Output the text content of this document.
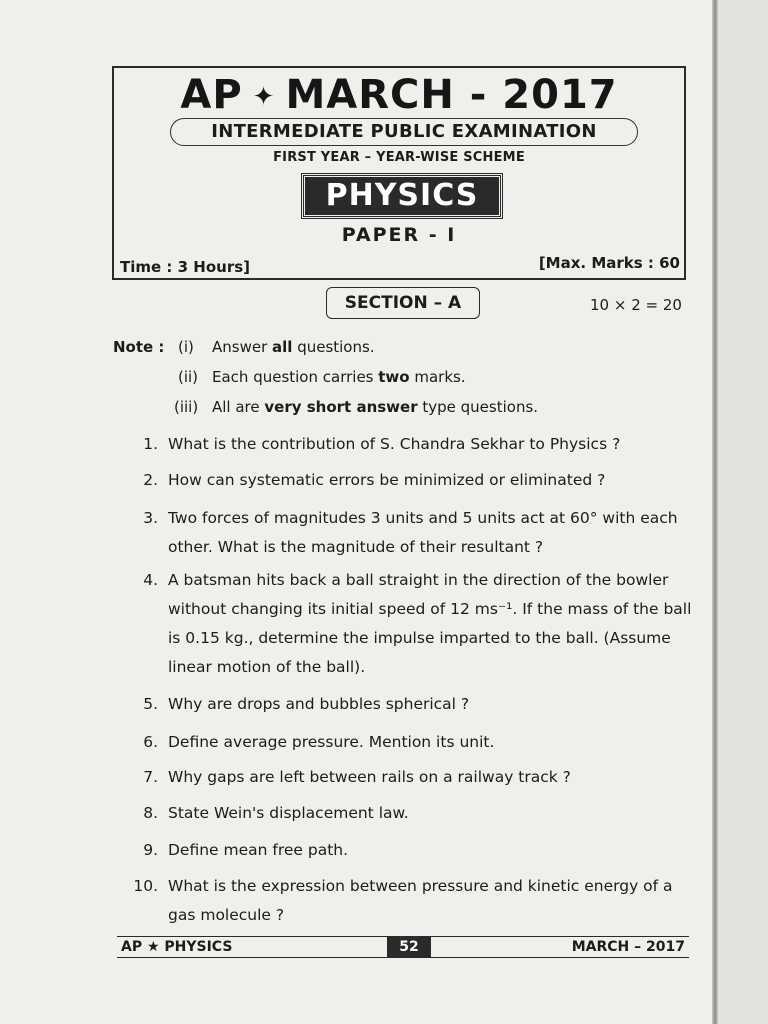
AP ✦ MARCH - 2017
INTERMEDIATE PUBLIC EXAMINATION
FIRST YEAR – YEAR-WISE SCHEME
PHYSICS
PAPER - I
Time : 3 Hours]	[Max. Marks : 60
SECTION – A	10 × 2 = 20
Note : (i) Answer all questions.
(ii) Each question carries two marks.
(iii) All are very short answer type questions.
1. What is the contribution of S. Chandra Sekhar to Physics ?
2. How can systematic errors be minimized or eliminated ?
3. Two forces of magnitudes 3 units and 5 units act at 60° with each other. What is the magnitude of their resultant ?
4. A batsman hits back a ball straight in the direction of the bowler without changing its initial speed of 12 ms⁻¹. If the mass of the ball is 0.15 kg., determine the impulse imparted to the ball. (Assume linear motion of the ball).
5. Why are drops and bubbles spherical ?
6. Define average pressure. Mention its unit.
7. Why gaps are left between rails on a railway track ?
8. State Wein's displacement law.
9. Define mean free path.
10. What is the expression between pressure and kinetic energy of a gas molecule ?
AP ★ PHYSICS	52	MARCH – 2017
